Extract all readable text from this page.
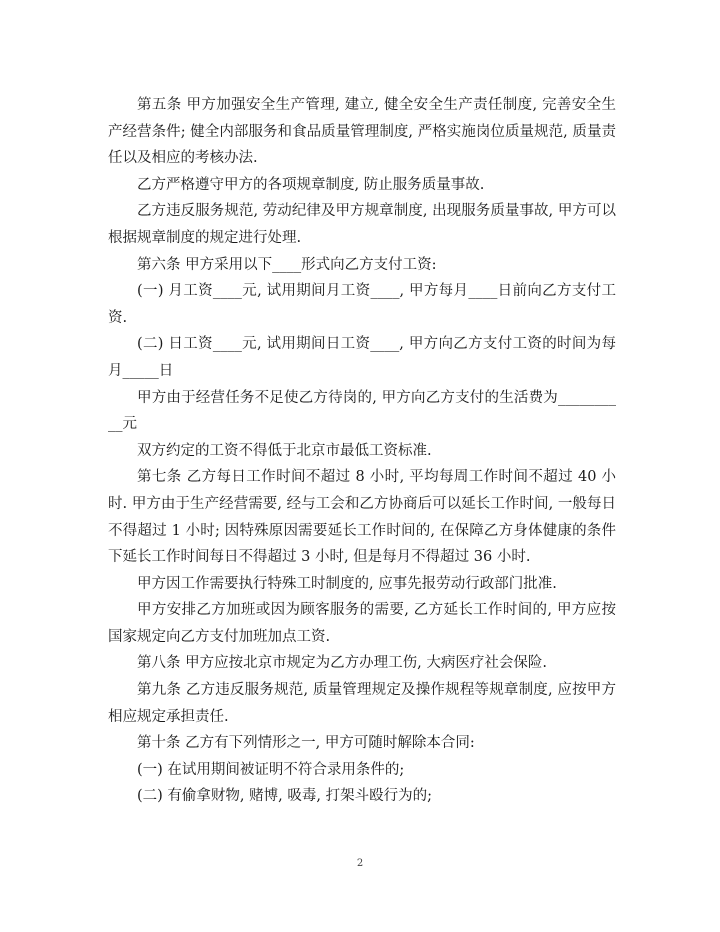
第五条 甲方加强安全生产管理, 建立, 健全安全生产责任制度, 完善安全生产经营条件; 健全内部服务和食品质量管理制度, 严格实施岗位质量规范, 质量责任以及相应的考核办法.

乙方严格遵守甲方的各项规章制度, 防止服务质量事故.

乙方违反服务规范, 劳动纪律及甲方规章制度, 出现服务质量事故, 甲方可以根据规章制度的规定进行处理.

第六条 甲方采用以下____形式向乙方支付工资:

(一) 月工资____元, 试用期间月工资____, 甲方每月____日前向乙方支付工资.

(二) 日工资____元, 试用期间日工资____, 甲方向乙方支付工资的时间为每月_____日

甲方由于经营任务不足使乙方待岗的, 甲方向乙方支付的生活费为__________元

双方约定的工资不得低于北京市最低工资标准.

第七条 乙方每日工作时间不超过 8 小时, 平均每周工作时间不超过 40 小时. 甲方由于生产经营需要, 经与工会和乙方协商后可以延长工作时间, 一般每日不得超过 1 小时; 因特殊原因需要延长工作时间的, 在保障乙方身体健康的条件下延长工作时间每日不得超过 3 小时, 但是每月不得超过 36 小时.

甲方因工作需要执行特殊工时制度的, 应事先报劳动行政部门批准.

甲方安排乙方加班或因为顾客服务的需要, 乙方延长工作时间的, 甲方应按国家规定向乙方支付加班加点工资.

第八条 甲方应按北京市规定为乙方办理工伤, 大病医疗社会保险.

第九条 乙方违反服务规范, 质量管理规定及操作规程等规章制度, 应按甲方相应规定承担责任.

第十条 乙方有下列情形之一, 甲方可随时解除本合同:

(一) 在试用期间被证明不符合录用条件的;

(二) 有偷拿财物, 赌博, 吸毒, 打架斗殴行为的;

2
